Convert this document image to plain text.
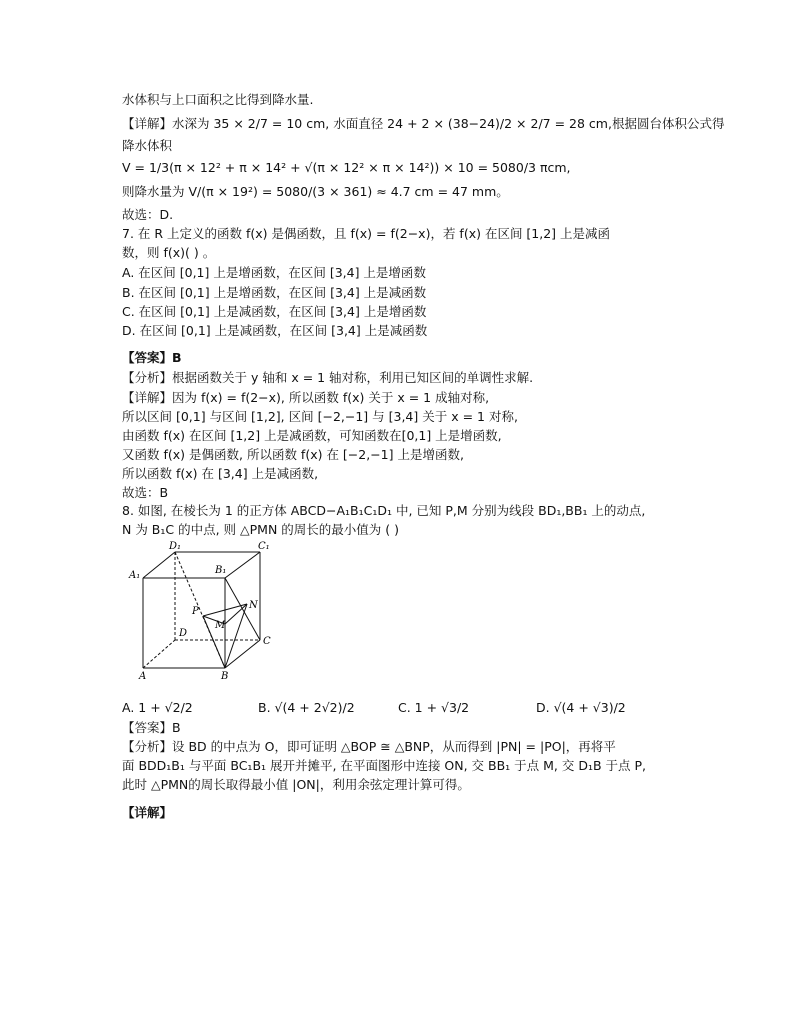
水体积与上口面积之比得到降水量.
【详解】水深为 35 × 2/7 = 10 cm, 水面直径 24 + 2 × (38−24)/2 × 2/7 = 28 cm,根据圆台体积公式得
降水体积
V = 1/3(π × 12² + π × 14² + √(π × 12² × π × 14²)) × 10 = 5080/3 πcm,
则降水量为 V/(π × 19²) = 5080/(3 × 361) ≈ 4.7 cm = 47 mm。
故选：D.
7. 在 R 上定义的函数 f(x) 是偶函数，且 f(x) = f(2−x)，若 f(x) 在区间 [1,2] 上是减函
数，则 f(x)( ) 。
A. 在区间 [0,1] 上是增函数，在区间 [3,4] 上是增函数
B. 在区间 [0,1] 上是增函数，在区间 [3,4] 上是减函数
C. 在区间 [0,1] 上是减函数，在区间 [3,4] 上是增函数
D. 在区间 [0,1] 上是减函数，在区间 [3,4] 上是减函数
【答案】B
【分析】根据函数关于 y 轴和 x = 1 轴对称，利用已知区间的单调性求解.
【详解】因为 f(x) = f(2−x), 所以函数 f(x) 关于 x = 1 成轴对称,
所以区间 [0,1] 与区间 [1,2], 区间 [−2,−1] 与 [3,4] 关于 x = 1 对称,
由函数 f(x) 在区间 [1,2] 上是减函数，可知函数在[0,1] 上是增函数,
又函数 f(x) 是偶函数, 所以函数 f(x) 在 [−2,−1] 上是增函数,
所以函数 f(x) 在 [3,4] 上是减函数,
故选：B
8. 如图, 在棱长为 1 的正方体 ABCD−A₁B₁C₁D₁ 中, 已知 P,M 分别为线段 BD₁,BB₁ 上的动点,
N 为 B₁C 的中点, 则 △PMN 的周长的最小值为 ( )
D₁	C₁
A₁	B₁
P
M
N
D
C
A	B
A. 1 + √2/2	B. √(4 + 2√2)/2	C. 1 + √3/2	D. √(4 + √3)/2
【答案】B
【分析】设 BD 的中点为 O，即可证明 △BOP ≅ △BNP，从而得到 |PN| = |PO|，再将平
面 BDD₁B₁ 与平面 BC₁B₁ 展开并摊平, 在平面图形中连接 ON, 交 BB₁ 于点 M, 交 D₁B 于点 P,
此时 △PMN的周长取得最小值 |ON|，利用余弦定理计算可得。
【详解】
